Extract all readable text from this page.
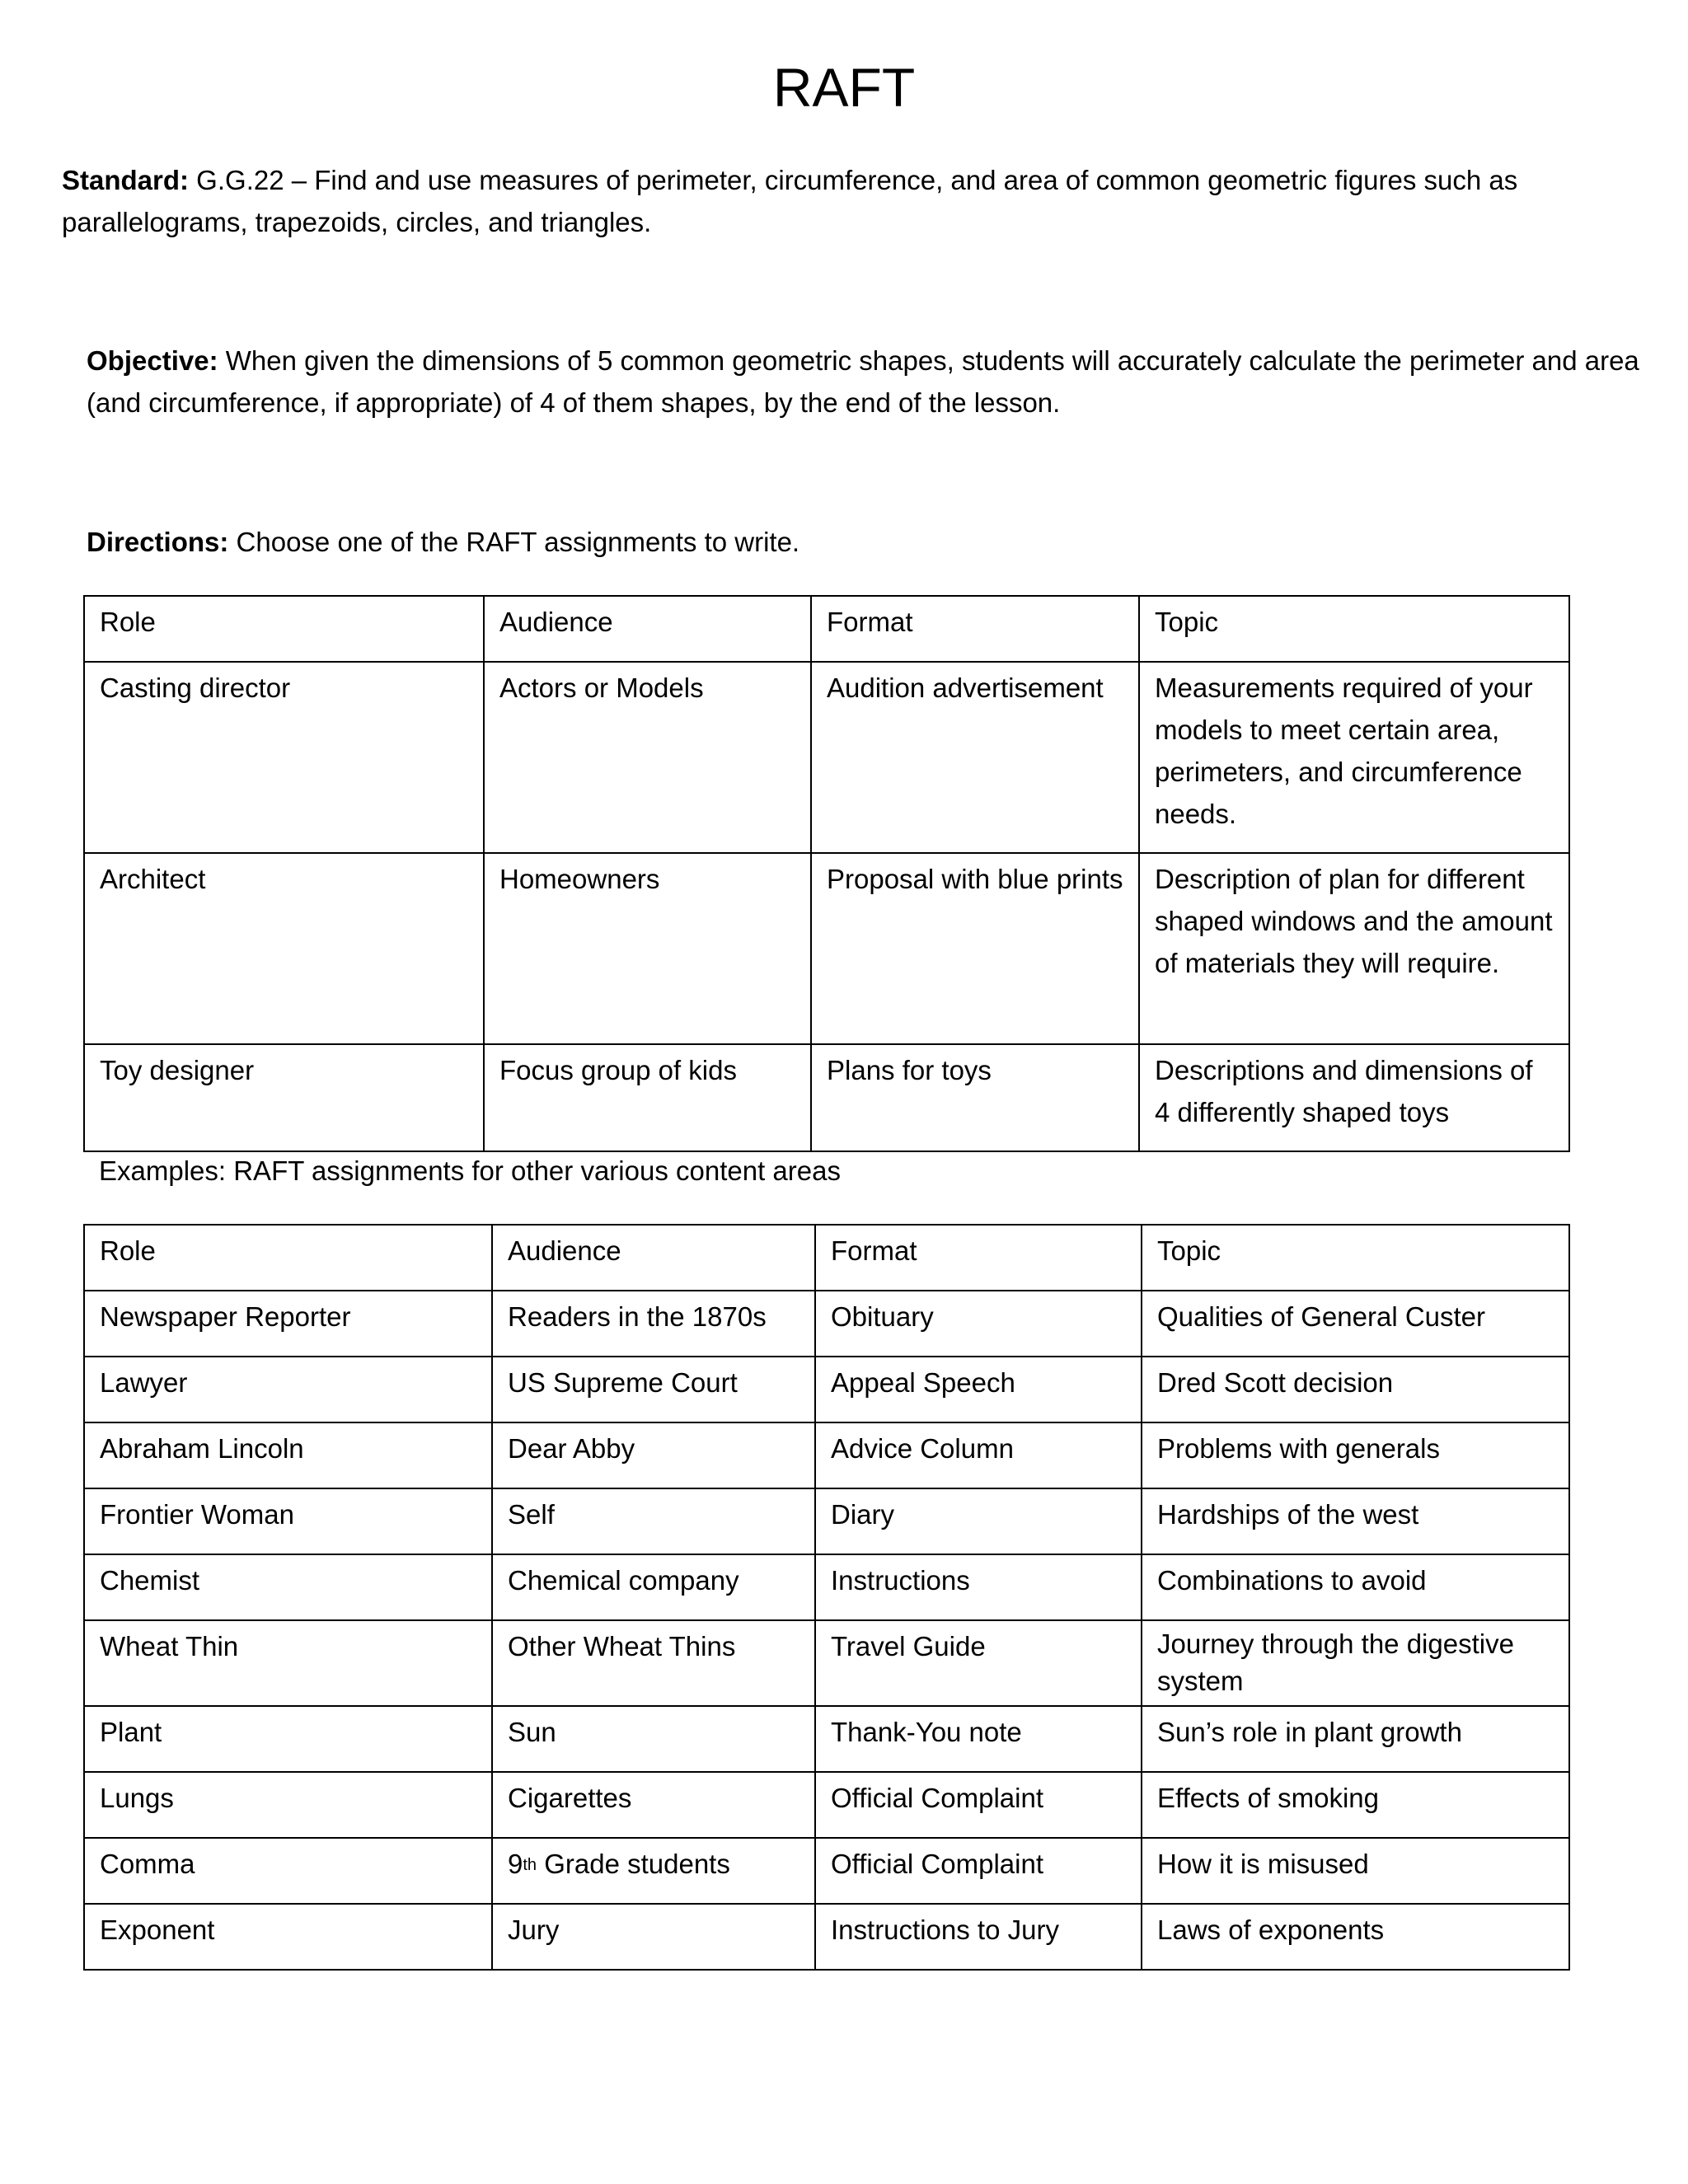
RAFT

Standard: G.G.22 – Find and use measures of perimeter, circumference, and area of common geometric figures such as parallelograms, trapezoids, circles, and triangles.

Objective: When given the dimensions of 5 common geometric shapes, students will accurately calculate the perimeter and area (and circumference, if appropriate) of 4 of them shapes, by the end of the lesson.

Directions: Choose one of the RAFT assignments to write.

Role	Audience	Format	Topic
Casting director	Actors or Models	Audition advertisement	Measurements required of your models to meet certain area, perimeters, and circumference needs.
Architect	Homeowners	Proposal with blue prints	Description of plan for different shaped windows and the amount of materials they will require.
Toy designer	Focus group of kids	Plans for toys	Descriptions and dimensions of 4 differently shaped toys

Examples: RAFT assignments for other various content areas

Role	Audience	Format	Topic
Newspaper Reporter	Readers in the 1870s	Obituary	Qualities of General Custer
Lawyer	US Supreme Court	Appeal Speech	Dred Scott decision
Abraham Lincoln	Dear Abby	Advice Column	Problems with generals
Frontier Woman	Self	Diary	Hardships of the west
Chemist	Chemical company	Instructions	Combinations to avoid
Wheat Thin	Other Wheat Thins	Travel Guide	Journey through the digestive system
Plant	Sun	Thank-You note	Sun’s role in plant growth
Lungs	Cigarettes	Official Complaint	Effects of smoking
Comma	9th Grade students	Official Complaint	How it is misused
Exponent	Jury	Instructions to Jury	Laws of exponents
